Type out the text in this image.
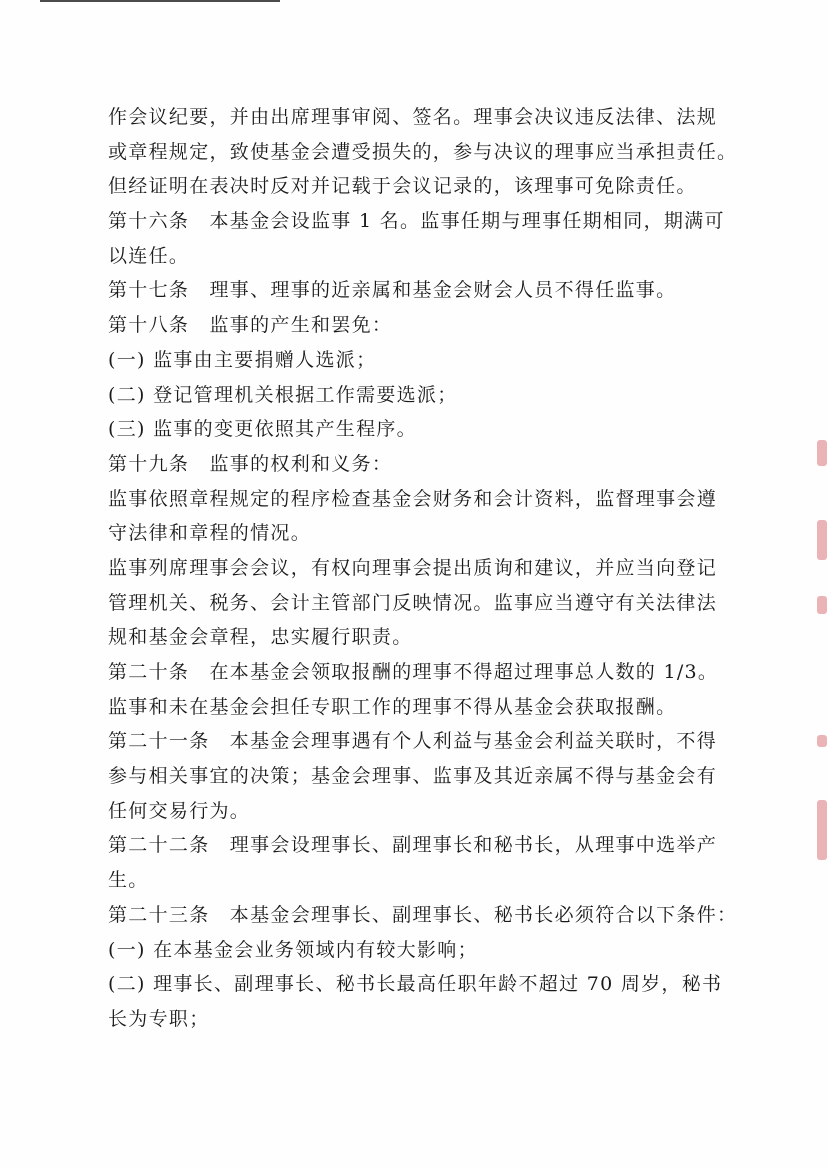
作会议纪要，并由出席理事审阅、签名。理事会决议违反法律、法规
或章程规定，致使基金会遭受损失的，参与决议的理事应当承担责任。
但经证明在表决时反对并记载于会议记录的，该理事可免除责任。
第十六条　本基金会设监事 1 名。监事任期与理事任期相同，期满可
以连任。
第十七条　理事、理事的近亲属和基金会财会人员不得任监事。
第十八条　监事的产生和罢免：
(一) 监事由主要捐赠人选派；
(二) 登记管理机关根据工作需要选派；
(三) 监事的变更依照其产生程序。
第十九条　监事的权利和义务：
监事依照章程规定的程序检查基金会财务和会计资料，监督理事会遵
守法律和章程的情况。
监事列席理事会会议，有权向理事会提出质询和建议，并应当向登记
管理机关、税务、会计主管部门反映情况。监事应当遵守有关法律法
规和基金会章程，忠实履行职责。
第二十条　在本基金会领取报酬的理事不得超过理事总人数的 1/3。
监事和未在基金会担任专职工作的理事不得从基金会获取报酬。
第二十一条　本基金会理事遇有个人利益与基金会利益关联时，不得
参与相关事宜的决策；基金会理事、监事及其近亲属不得与基金会有
任何交易行为。
第二十二条　理事会设理事长、副理事长和秘书长，从理事中选举产
生。
第二十三条　本基金会理事长、副理事长、秘书长必须符合以下条件：
(一) 在本基金会业务领域内有较大影响；
(二) 理事长、副理事长、秘书长最高任职年龄不超过 70 周岁，秘书
长为专职；
